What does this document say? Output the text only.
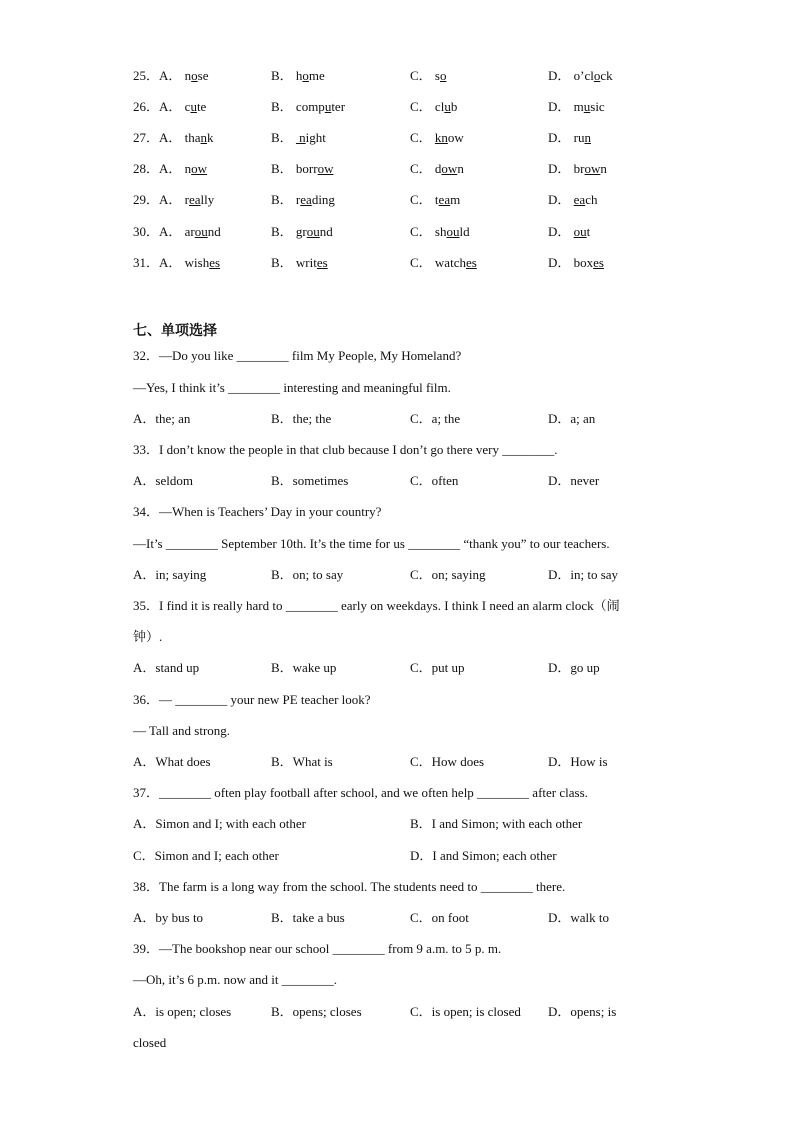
25．A． nose	B． home	C． so	D． o’clock
26．A． cute	B． computer	C． club	D． music
27．A． thank	B．  night	C． know	D． run
28．A． now	B． borrow	C． down	D． brown
29．A． really	B． reading	C． team	D． each
30．A． around	B． ground	C． should	D． out
31．A． wishes	B． writes	C． watches	D． boxes
七、单项选择
32．—Do you like ________ film My People, My Homeland?
—Yes, I think it’s ________ interesting and meaningful film.
A．the; an	B．the; the	C．a; the	D．a; an
33．I don’t know the people in that club because I don’t go there very ________.
A．seldom	B．sometimes	C．often	D．never
34．—When is Teachers’ Day in your country?
—It’s ________ September 10th. It’s the time for us ________ “thank you” to our teachers.
A．in; saying	B．on; to say	C．on; saying	D．in; to say
35．I find it is really hard to ________ early on weekdays. I think I need an alarm clock（闹
钟）.
A．stand up	B．wake up	C．put up	D．go up
36．— ________ your new PE teacher look?
— Tall and strong.
A．What does	B．What is	C．How does	D．How is
37．________ often play football after school, and we often help ________ after class.
A．Simon and I; with each other	B．I and Simon; with each other
C．Simon and I; each other	D．I and Simon; each other
38．The farm is a long way from the school. The students need to ________ there.
A．by bus to	B．take a bus	C．on foot	D．walk to
39．—The bookshop near our school ________ from 9 a.m. to 5 p. m.
—Oh, it’s 6 p.m. now and it ________.
A．is open; closes	B．opens; closes	C．is open; is closed D．opens; is
closed
